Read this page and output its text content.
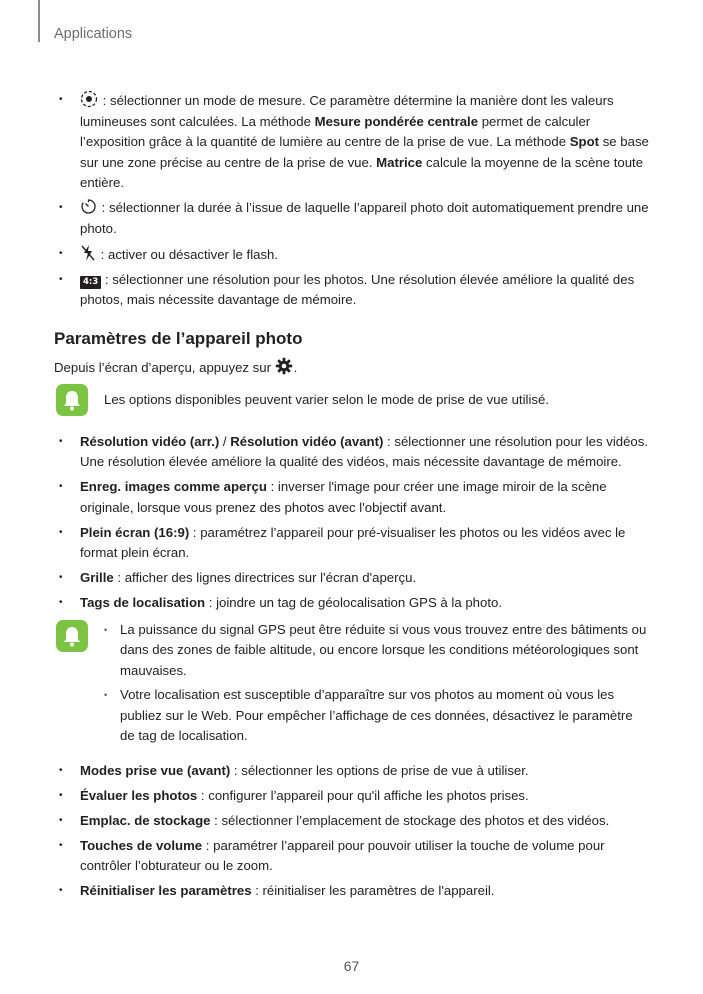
Applications
• : sélectionner un mode de mesure. Ce paramètre détermine la manière dont les valeurs lumineuses sont calculées. La méthode Mesure pondérée centrale permet de calculer l’exposition grâce à la quantité de lumière au centre de la prise de vue. La méthode Spot se base sur une zone précise au centre de la prise de vue. Matrice calcule la moyenne de la scène toute entière.
• : sélectionner la durée à l’issue de laquelle l’appareil photo doit automatiquement prendre une photo.
• : activer ou désactiver le flash.
• 4:3 : sélectionner une résolution pour les photos. Une résolution élevée améliore la qualité des photos, mais nécessite davantage de mémoire.
Paramètres de l’appareil photo

Depuis l’écran d’aperçu, appuyez sur .

Les options disponibles peuvent varier selon le mode de prise de vue utilisé.

• Résolution vidéo (arr.) / Résolution vidéo (avant) : sélectionner une résolution pour les vidéos. Une résolution élevée améliore la qualité des vidéos, mais nécessite davantage de mémoire.
• Enreg. images comme aperçu : inverser l'image pour créer une image miroir de la scène originale, lorsque vous prenez des photos avec l'objectif avant.
• Plein écran (16:9) : paramétrez l’appareil pour pré-visualiser les photos ou les vidéos avec le format plein écran.
• Grille : afficher des lignes directrices sur l'écran d'aperçu.
• Tags de localisation : joindre un tag de géolocalisation GPS à la photo.
• La puissance du signal GPS peut être réduite si vous vous trouvez entre des bâtiments ou dans des zones de faible altitude, ou encore lorsque les conditions météorologiques sont mauvaises.
• Votre localisation est susceptible d’apparaître sur vos photos au moment où vous les publiez sur le Web. Pour empêcher l’affichage de ces données, désactivez le paramètre de tag de localisation.
• Modes prise vue (avant) : sélectionner les options de prise de vue à utiliser.
• Évaluer les photos : configurer l’appareil pour qu'il affiche les photos prises.
• Emplac. de stockage : sélectionner l’emplacement de stockage des photos et des vidéos.
• Touches de volume : paramétrer l’appareil pour pouvoir utiliser la touche de volume pour contrôler l’obturateur ou le zoom.
• Réinitialiser les paramètres : réinitialiser les paramètres de l'appareil.
67
